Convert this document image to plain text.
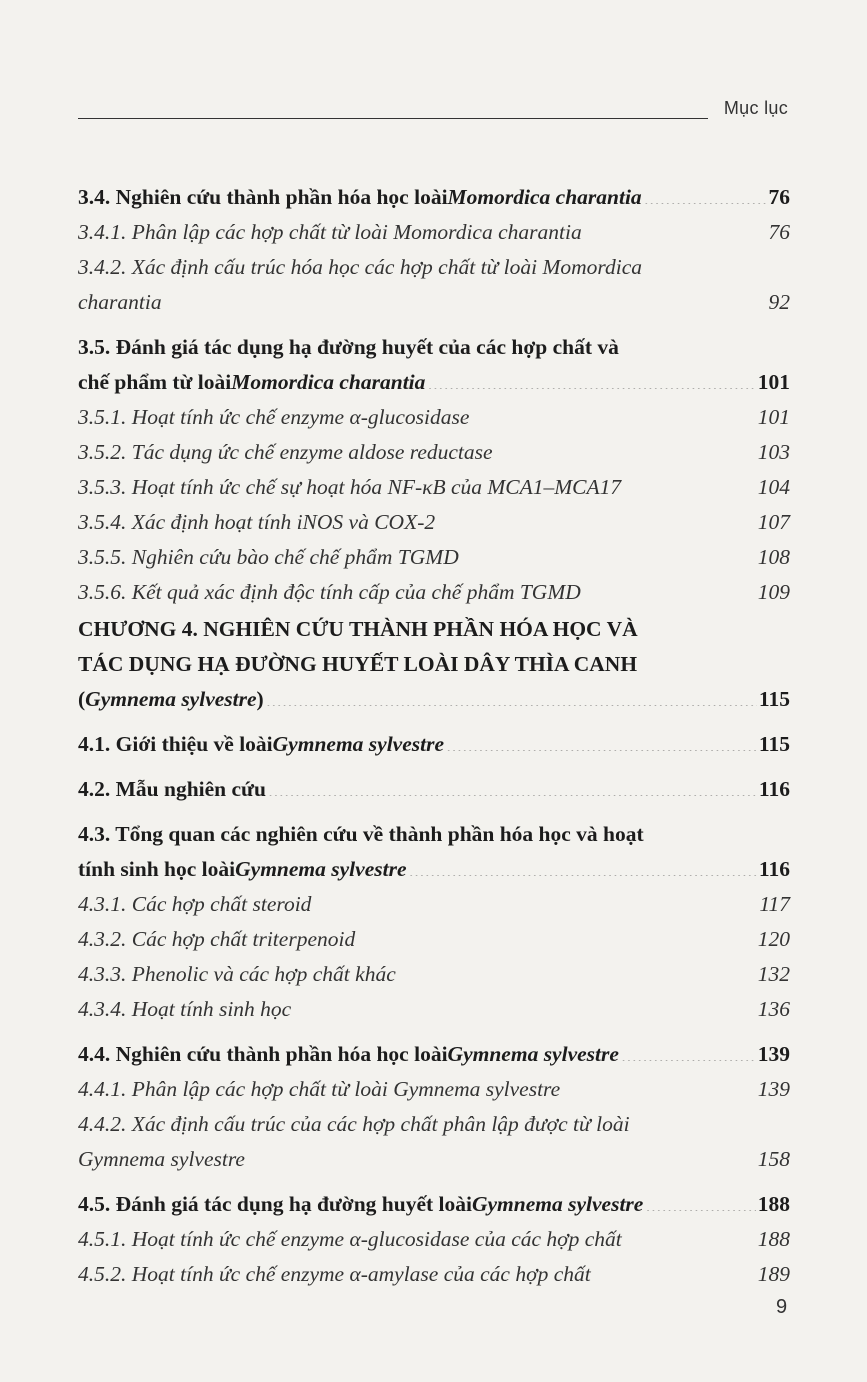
Mục lục
3.4. Nghiên cứu thành phần hóa học loài Momordica charantia .....	76
3.4.1. Phân lập các hợp chất từ loài Momordica charantia .....	76
3.4.2. Xác định cấu trúc hóa học các hợp chất từ loài Momordica
charantia .....	92
3.5. Đánh giá tác dụng hạ đường huyết của các hợp chất và
chế phẩm từ loài Momordica charantia .....	101
3.5.1. Hoạt tính ức chế enzyme α-glucosidase .....	101
3.5.2. Tác dụng ức chế enzyme aldose reductase .....	103
3.5.3. Hoạt tính ức chế sự hoạt hóa NF-κB của MCA1–MCA17 .....	104
3.5.4. Xác định hoạt tính iNOS và COX-2 .....	107
3.5.5. Nghiên cứu bào chế chế phẩm TGMD .....	108
3.5.6. Kết quả xác định độc tính cấp của chế phẩm TGMD .....	109
CHƯƠNG 4. NGHIÊN CỨU THÀNH PHẦN HÓA HỌC VÀ
TÁC DỤNG HẠ ĐƯỜNG HUYẾT LOÀI DÂY THÌA CANH
( Gymnema sylvestre ) .....	115
4.1. Giới thiệu về loài Gymnema sylvestre .....	115
4.2. Mẫu nghiên cứu .....	116
4.3. Tổng quan các nghiên cứu về thành phần hóa học và hoạt
tính sinh học loài Gymnema sylvestre .....	116
4.3.1. Các hợp chất steroid .....	117
4.3.2. Các hợp chất triterpenoid .....	120
4.3.3. Phenolic và các hợp chất khác .....	132
4.3.4. Hoạt tính sinh học .....	136
4.4. Nghiên cứu thành phần hóa học loài Gymnema sylvestre .....	139
4.4.1. Phân lập các hợp chất từ loài Gymnema sylvestre .....	139
4.4.2. Xác định cấu trúc của các hợp chất phân lập được từ loài
Gymnema sylvestre .....	158
4.5. Đánh giá tác dụng hạ đường huyết loài Gymnema sylvestre .....	188
4.5.1. Hoạt tính ức chế enzyme α-glucosidase của các hợp chất .....	188
4.5.2. Hoạt tính ức chế enzyme α-amylase của các hợp chất .....	189
9
